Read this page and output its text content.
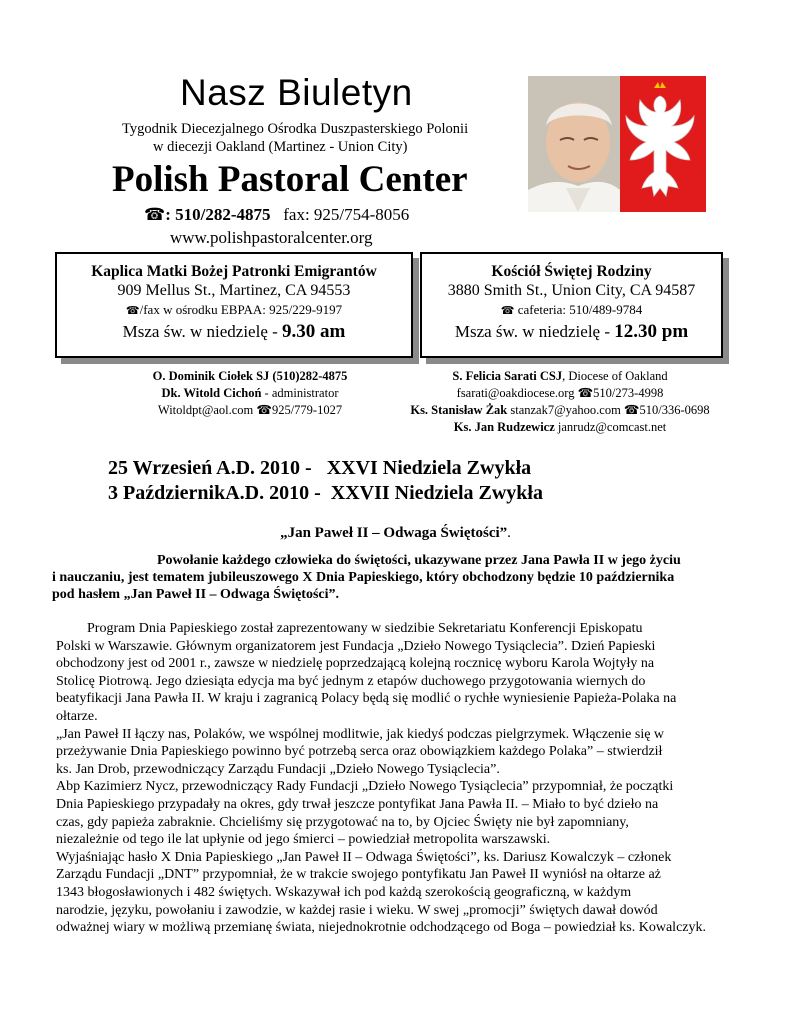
Nasz Biuletyn
Tygodnik Diecezjalnego Ośrodka Duszpasterskiego Polonii
w diecezji Oakland (Martinez - Union City)
Polish Pastoral Center
☎: 510/282-4875 fax: 925/754-8056
www.polishpastoralcenter.org
Kaplica Matki Bożej Patronki Emigrantów
909 Mellus St., Martinez, CA 94553
☎/fax w ośrodku EBPAA: 925/229-9197
Msza św. w niedzielę - 9.30 am
Kościół Świętej Rodziny
3880 Smith St., Union City, CA 94587
☎ cafeteria: 510/489-9784
Msza św. w niedzielę - 12.30 pm
O. Dominik Ciołek SJ (510)282-4875
Dk. Witold Cichoń - administrator
Witoldpt@aol.com ☎925/779-1027
S. Felicia Sarati CSJ, Diocese of Oakland
fsarati@oakdiocese.org ☎510/273-4998
Ks. Stanisław Żak stanzak7@yahoo.com ☎510/336-0698
Ks. Jan Rudzewicz janrudz@comcast.net
25 Wrzesień A.D. 2010 -   XXVI Niedziela Zwykła
3 PaździernikA.D. 2010 -  XXVII Niedziela Zwykła
„Jan Paweł II – Odwaga Świętości”.
Powołanie każdego człowieka do świętości, ukazywane przez Jana Pawła II w jego życiu
i nauczaniu, jest tematem jubileuszowego X Dnia Papieskiego, który obchodzony będzie 10 października
pod hasłem „Jan Paweł II – Odwaga Świętości”.

Program Dnia Papieskiego został zaprezentowany w siedzibie Sekretariatu Konferencji Episkopatu

Polski w Warszawie. Głównym organizatorem jest Fundacja „Dzieło Nowego Tysiąclecia”. Dzień Papieski

obchodzony jest od 2001 r., zawsze w niedzielę poprzedzającą kolejną rocznicę wyboru Karola Wojtyły na

Stolicę Piotrową. Jego dziesiąta edycja ma być jednym z etapów duchowego przygotowania wiernych do

beatyfikacji Jana Pawła II. W kraju i zagranicą Polacy będą się modlić o rychłe wyniesienie Papieża-Polaka na

ołtarze.

„Jan Paweł II łączy nas, Polaków, we wspólnej modlitwie, jak kiedyś podczas pielgrzymek. Włączenie się w

przeżywanie Dnia Papieskiego powinno być potrzebą serca oraz obowiązkiem każdego Polaka” – stwierdził

ks. Jan Drob, przewodniczący Zarządu Fundacji „Dzieło Nowego Tysiąclecia”.

Abp Kazimierz Nycz, przewodniczący Rady Fundacji „Dzieło Nowego Tysiąclecia” przypomniał, że początki

Dnia Papieskiego przypadały na okres, gdy trwał jeszcze pontyfikat Jana Pawła II. – Miało to być dzieło na

czas, gdy papieża zabraknie. Chcieliśmy się przygotować na to, by Ojciec Święty nie był zapomniany,

niezależnie od tego ile lat upłynie od jego śmierci – powiedział metropolita warszawski.

Wyjaśniając hasło X Dnia Papieskiego „Jan Paweł II – Odwaga Świętości”, ks. Dariusz Kowalczyk – członek

Zarządu Fundacji „DNT” przypomniał, że w trakcie swojego pontyfikatu Jan Paweł II wyniósł na ołtarze aż

1343 błogosławionych i 482 świętych. Wskazywał ich pod każdą szerokością geograficzną, w każdym

narodzie, języku, powołaniu i zawodzie, w każdej rasie i wieku. W swej „promocji” świętych dawał dowód

odważnej wiary w możliwą przemianę świata, niejednokrotnie odchodzącego od Boga – powiedział ks. Kowalczyk.
